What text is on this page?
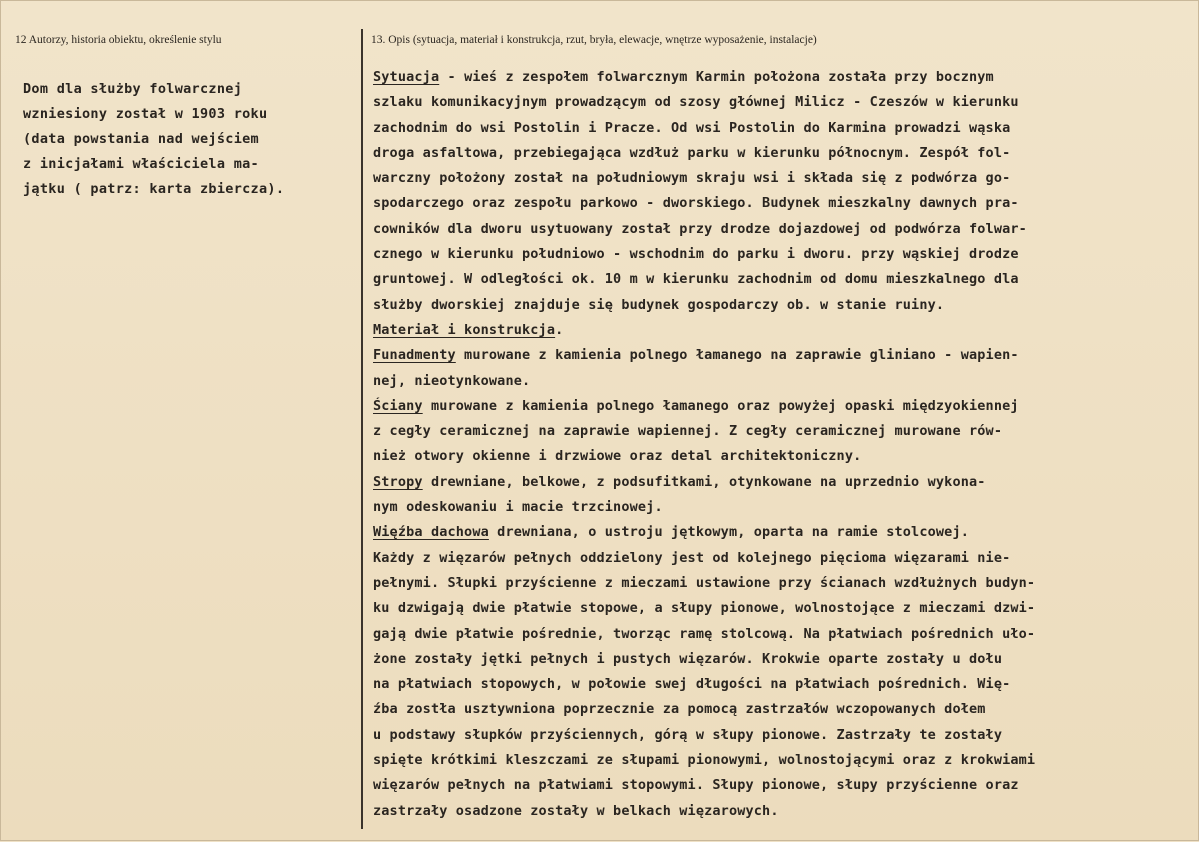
12 Autorzy, historia obiektu, określenie stylu
Dom dla służby folwarcznej
wzniesiony został w 1903 roku
(data powstania nad wejściem
z inicjałami właściciela ma-
jątku ( patrz: karta zbiercza).
13. Opis (sytuacja, materiał i konstrukcja, rzut, bryła, elewacje, wnętrze wyposażenie, instalacje)
Sytuacja - wieś z zespołem folwarcznym Karmin położona została przy bocznym
szlaku komunikacyjnym prowadzącym od szosy głównej Milicz - Czeszów w kierunku
zachodnim do wsi Postolin i Pracze. Od wsi Postolin do Karmina prowadzi wąska
droga asfaltowa, przebiegająca wzdłuż parku w kierunku północnym. Zespół fol-
warczny położony został na południowym skraju wsi i składa się z podwórza go-
spodarczego oraz zespołu parkowo - dworskiego. Budynek mieszkalny dawnych pra-
cowników dla dworu usytuowany został przy drodze dojazdowej od podwórza folwar-
cznego w kierunku południowo - wschodnim do parku i dworu. przy wąskiej drodze
gruntowej. W odległości ok. 10 m w kierunku zachodnim od domu mieszkalnego dla
służby dworskiej znajduje się budynek gospodarczy ob. w stanie ruiny.
Materiał i konstrukcja.
Funadmenty murowane z kamienia polnego łamanego na zaprawie gliniano - wapien-
nej, nieotynkowane.
Ściany murowane z kamienia polnego łamanego oraz powyżej opaski międzyokiennej
z cegły ceramicznej na zaprawie wapiennej. Z cegły ceramicznej murowane rów-
nież otwory okienne i drzwiowe oraz detal architektoniczny.
Stropy drewniane, belkowe, z podsufitkami, otynkowane na uprzednio wykona-
nym odeskowaniu i macie trzcinowej.
Więźba dachowa drewniana, o ustroju jętkowym, oparta na ramie stolcowej.
Każdy z więzarów pełnych oddzielony jest od kolejnego pięcioma więzarami nie-
pełnymi. Słupki przyścienne z mieczami ustawione przy ścianach wzdłużnych budyn-
ku dzwigają dwie płatwie stopowe, a słupy pionowe, wolnostojące z mieczami dzwi-
gają dwie płatwie pośrednie, tworząc ramę stolcową. Na płatwiach pośrednich uło-
żone zostały jętki pełnych i pustych więzarów. Krokwie oparte zostały u dołu
na płatwiach stopowych, w połowie swej długości na płatwiach pośrednich. Wię-
źba zostła usztywniona poprzecznie za pomocą zastrzałów wczopowanych dołem
u podstawy słupków przyściennych, górą w słupy pionowe. Zastrzały te zostały
spięte krótkimi kleszczami ze słupami pionowymi, wolnostojącymi oraz z krokwiami
więzarów pełnych na płatwiami stopowymi. Słupy pionowe, słupy przyścienne oraz
zastrzały osadzone zostały w belkach więzarowych.
